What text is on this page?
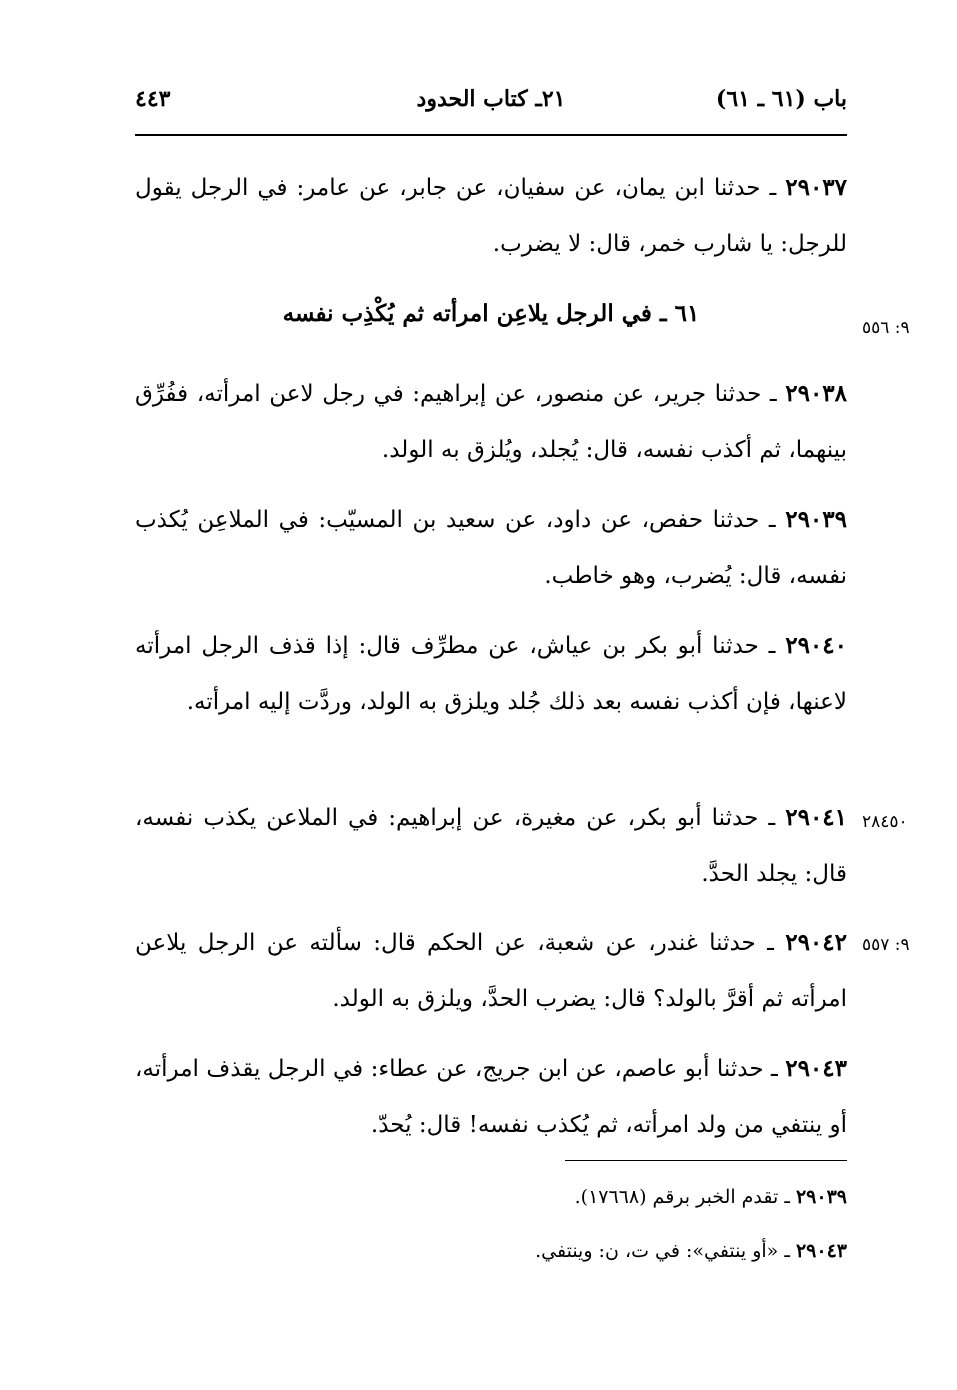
باب (٦١ ـ ٦١)
٢١ـ كتاب الحدود
٤٤٣
٢٩٠٣٧ ـ حدثنا ابن يمان، عن سفيان، عن جابر، عن عامر: في الرجل يقول للرجل: يا شارب خمر، قال: لا يضرب.
٦١ ـ في الرجل يلاعِن امرأته ثم يُكْذِب نفسه
٩: ٥٥٦
٢٩٠٣٨ ـ حدثنا جرير، عن منصور، عن إبراهيم: في رجل لاعن امرأته، ففُرِّق بينهما، ثم أكذب نفسه، قال: يُجلد، ويُلزق به الولد.
٢٩٠٣٩ ـ حدثنا حفص، عن داود، عن سعيد بن المسيّب: في الملاعِن يُكذب نفسه، قال: يُضرب، وهو خاطب.
٢٩٠٤٠ ـ حدثنا أبو بكر بن عياش، عن مطرِّف قال: إذا قذف الرجل امرأته لاعنها، فإن أكذب نفسه بعد ذلك جُلد ويلزق به الولد، وردَّت إليه امرأته.
٢٩٠٤١ ـ حدثنا أبو بكر، عن مغيرة، عن إبراهيم: في الملاعن يكذب نفسه، قال: يجلد الحدَّ.
٢٨٤٥٠
٢٩٠٤٢ ـ حدثنا غندر، عن شعبة، عن الحكم قال: سألته عن الرجل يلاعن امرأته ثم أقرَّ بالولد؟ قال: يضرب الحدَّ، ويلزق به الولد.
٩: ٥٥٧
٢٩٠٤٣ ـ حدثنا أبو عاصم، عن ابن جريج، عن عطاء: في الرجل يقذف امرأته، أو ينتفي من ولد امرأته، ثم يُكذب نفسه! قال: يُحدّ.
٢٩٠٣٩ ـ تقدم الخبر برقم (١٧٦٦٨).
٢٩٠٤٣ ـ «أو ينتفي»: في ت، ن: وينتفي.
